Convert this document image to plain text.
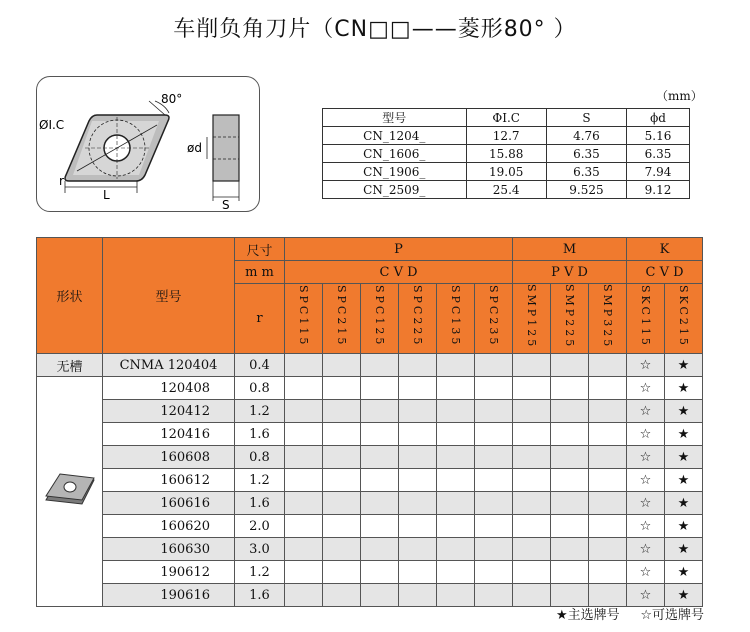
车削负角刀片（CN□□——菱形80° ）
80°
ØI.C
ød
r
L
S
（mm）
型号	ΦI.C	S	ϕd
CN_1204_	12.7	4.76	5.16
CN_1606_	15.88	6.35	6.35
CN_1906_	19.05	6.35	7.94
CN_2509_	25.4	9.525	9.12
形状	型号	尺寸	P						M			K	
		m m	C V D						P V D			C V D	
		r	SPC115	SPC215	SPC125	SPC225	SPC135	SPC235	SMP125	SMP225	SMP325	SKC115	SKC215
无槽	CNMA 120404	0.4										☆	★
	120408	0.8										☆	★
	120412	1.2										☆	★
	120416	1.6										☆	★
	160608	0.8										☆	★
	160612	1.2										☆	★
	160616	1.6										☆	★
	160620	2.0										☆	★
	160630	3.0										☆	★
	190612	1.2										☆	★
	190616	1.6										☆	★
★主选牌号 ☆可选牌号
